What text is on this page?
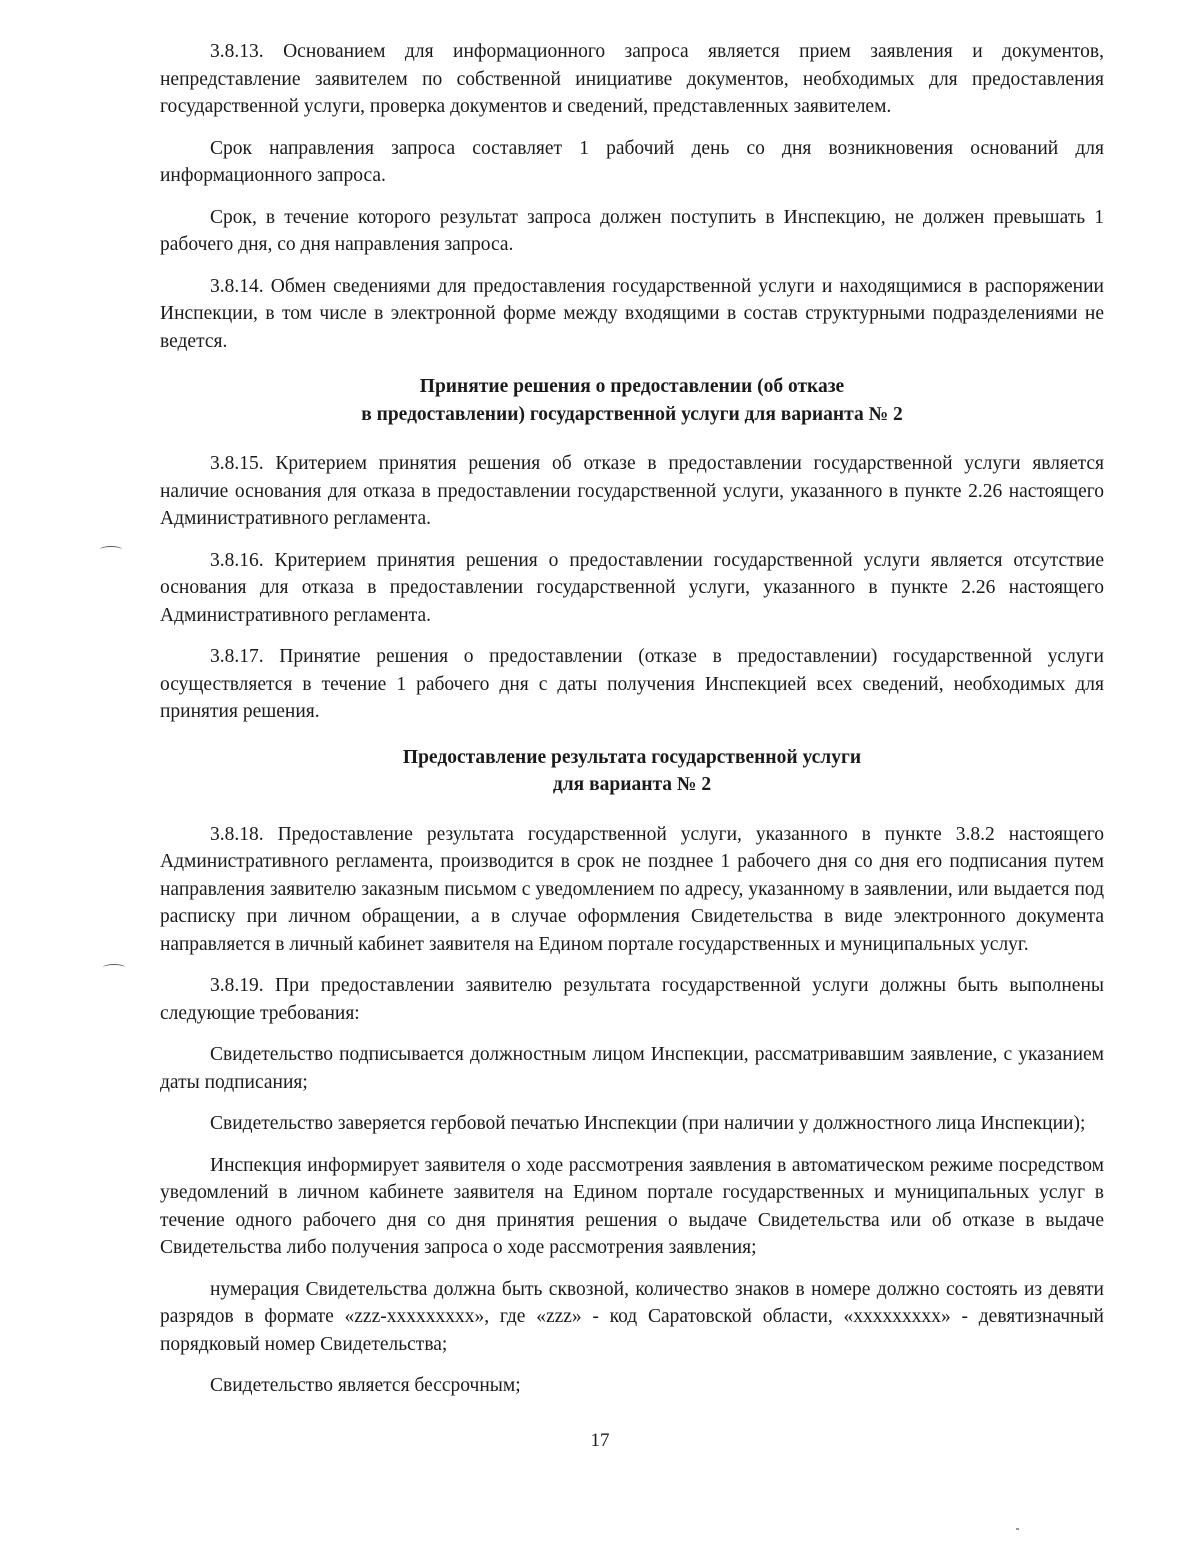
3.8.13. Основанием для информационного запроса является прием заявления и документов, непредставление заявителем по собственной инициативе документов, необходимых для предоставления государственной услуги, проверка документов и сведений, представленных заявителем.

Срок направления запроса составляет 1 рабочий день со дня возникновения оснований для информационного запроса.

Срок, в течение которого результат запроса должен поступить в Инспекцию, не должен превышать 1 рабочего дня, со дня направления запроса.

3.8.14. Обмен сведениями для предоставления государственной услуги и находящимися в распоряжении Инспекции, в том числе в электронной форме между входящими в состав структурными подразделениями не ведется.

Принятие решения о предоставлении (об отказе
в предоставлении) государственной услуги для варианта № 2

3.8.15. Критерием принятия решения об отказе в предоставлении государственной услуги является наличие основания для отказа в предоставлении государственной услуги, указанного в пункте 2.26 настоящего Административного регламента.

3.8.16. Критерием принятия решения о предоставлении государственной услуги является отсутствие основания для отказа в предоставлении государственной услуги, указанного в пункте 2.26 настоящего Административного регламента.

3.8.17. Принятие решения о предоставлении (отказе в предоставлении) государственной услуги осуществляется в течение 1 рабочего дня с даты получения Инспекцией всех сведений, необходимых для принятия решения.

Предоставление результата государственной услуги
для варианта № 2

3.8.18. Предоставление результата государственной услуги, указанного в пункте 3.8.2 настоящего Административного регламента, производится в срок не позднее 1 рабочего дня со дня его подписания путем направления заявителю заказным письмом с уведомлением по адресу, указанному в заявлении, или выдается под расписку при личном обращении, а в случае оформления Свидетельства в виде электронного документа направляется в личный кабинет заявителя на Едином портале государственных и муниципальных услуг.

3.8.19. При предоставлении заявителю результата государственной услуги должны быть выполнены следующие требования:

Свидетельство подписывается должностным лицом Инспекции, рассматривавшим заявление, с указанием даты подписания;

Свидетельство заверяется гербовой печатью Инспекции (при наличии у должностного лица Инспекции);

Инспекция информирует заявителя о ходе рассмотрения заявления в автоматическом режиме посредством уведомлений в личном кабинете заявителя на Едином портале государственных и муниципальных услуг в течение одного рабочего дня со дня принятия решения о выдаче Свидетельства или об отказе в выдаче Свидетельства либо получения запроса о ходе рассмотрения заявления;

нумерация Свидетельства должна быть сквозной, количество знаков в номере должно состоять из девяти разрядов в формате «zzz-xxxxxxxxx», где «zzz» - код Саратовской области, «xxxxxxxxx» - девятизначный порядковый номер Свидетельства;

Свидетельство является бессрочным;

17
